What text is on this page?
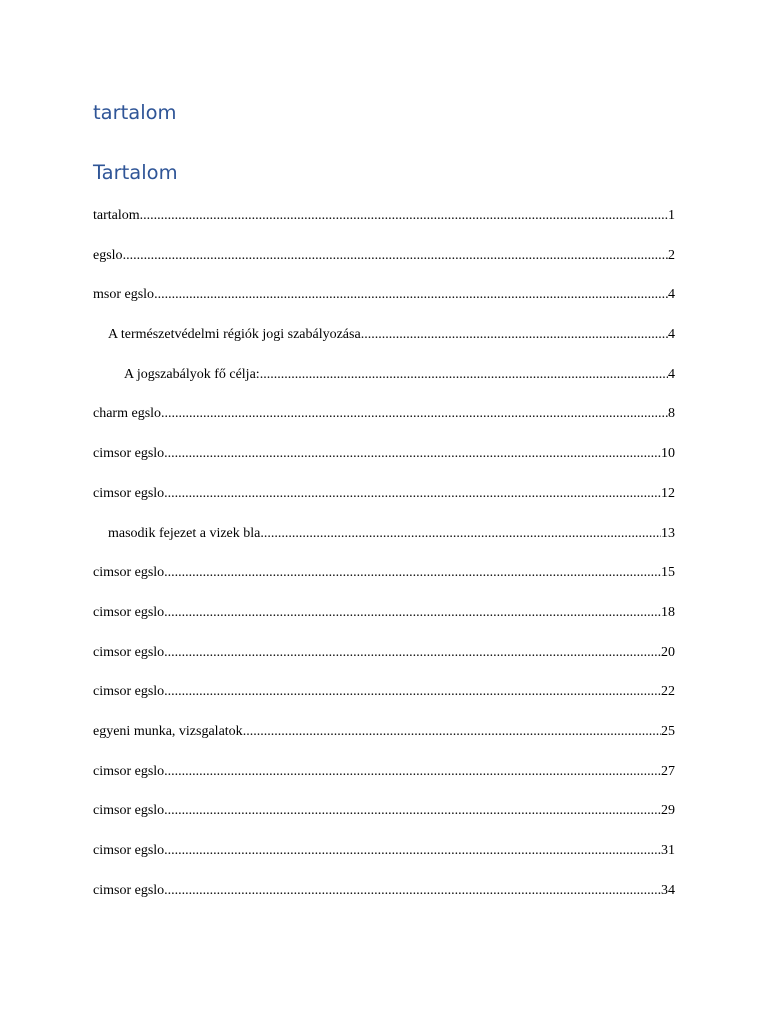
tartalom
Tartalom
tartalom .....	1
egslo .....	2
msor egslo .....	4
A természetvédelmi régiók jogi szabályozása .....	4
A jogszabályok fő célja: .....	4
charm egslo .....	8
cimsor egslo .....	10
cimsor egslo .....	12
masodik fejezet a vizek bla .....	13
cimsor egslo .....	15
cimsor egslo .....	18
cimsor egslo .....	20
cimsor egslo .....	22
egyeni munka, vizsgalatok .....	25
cimsor egslo .....	27
cimsor egslo .....	29
cimsor egslo .....	31
cimsor egslo .....	34
